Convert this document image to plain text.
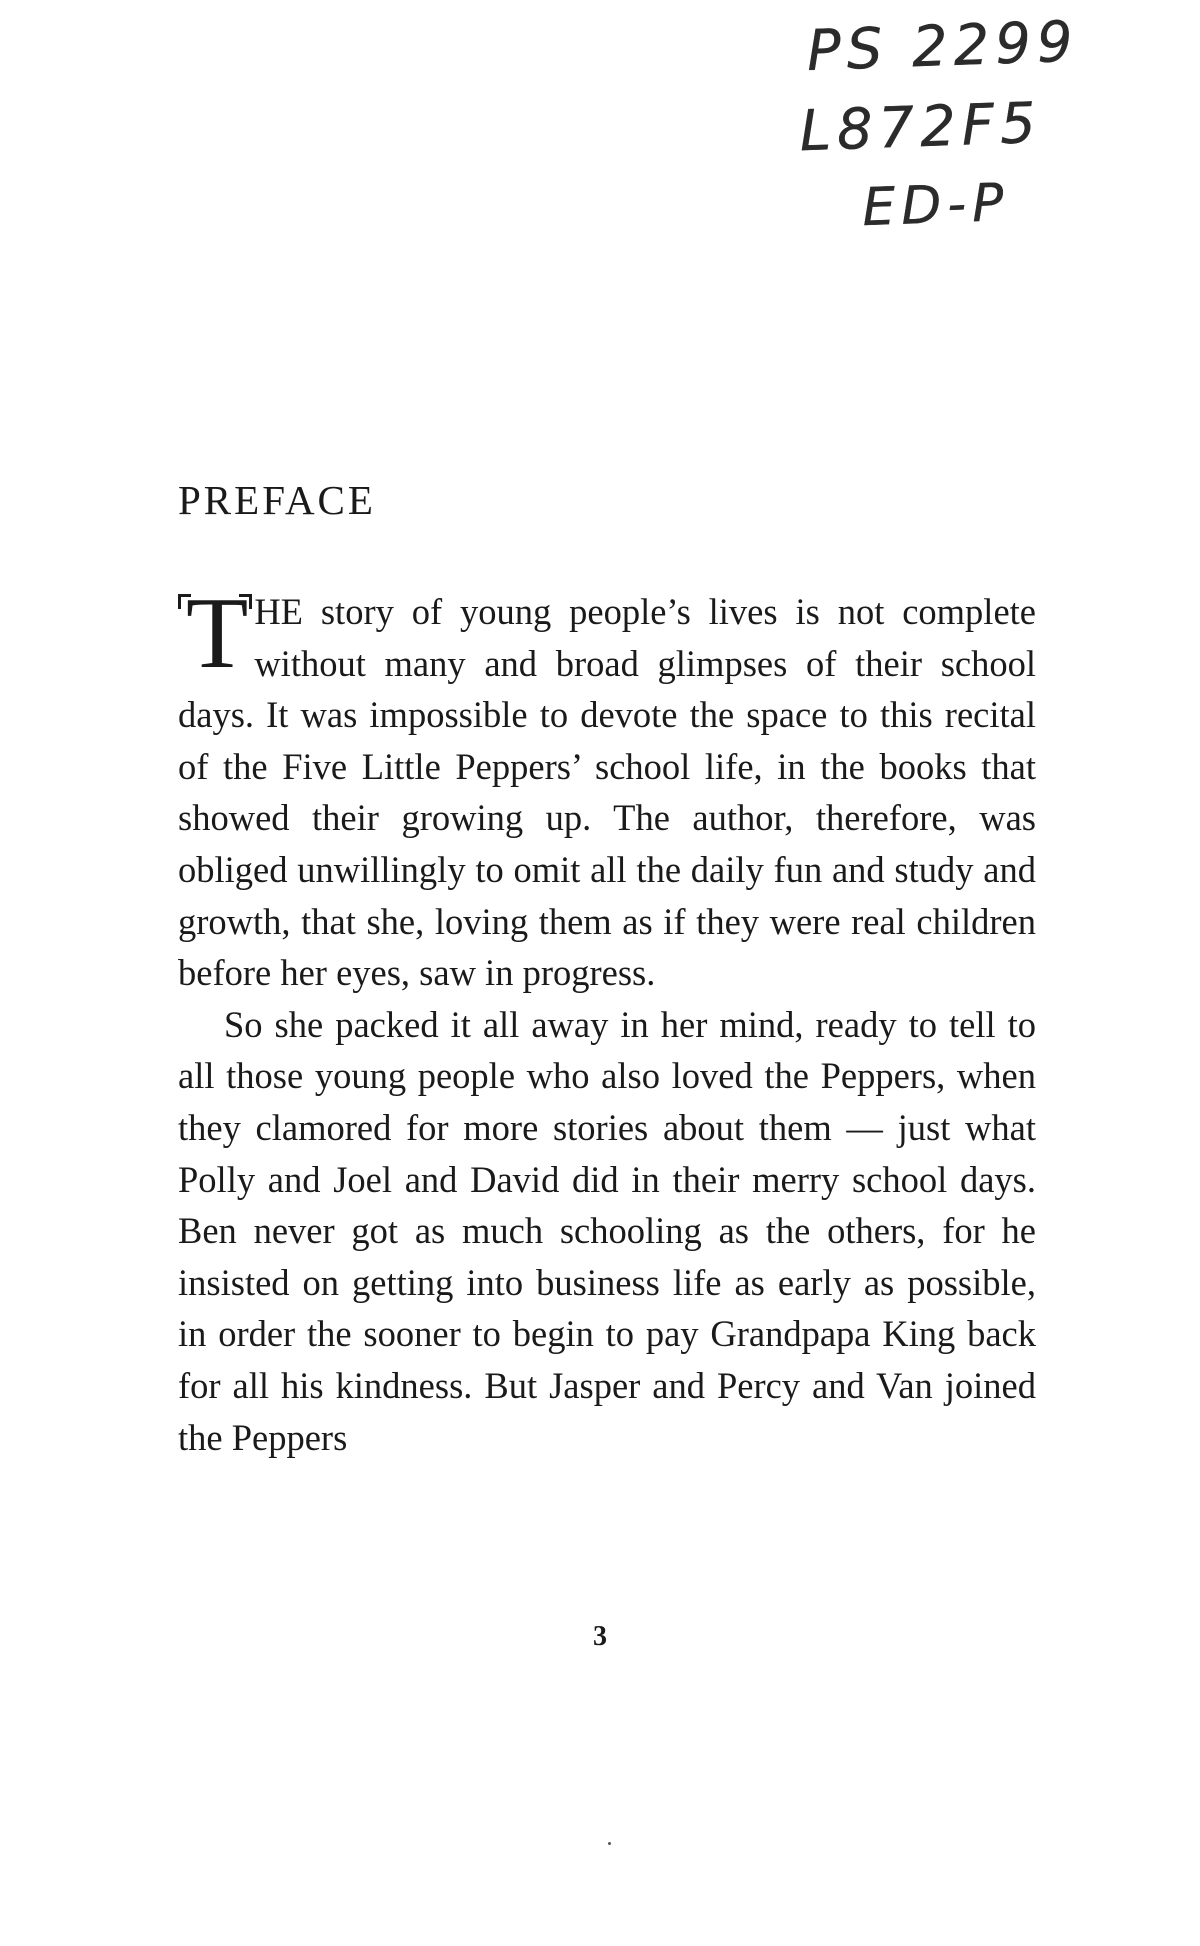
PS 2299
L872F5
ED-P
PREFACE

THE story of young people’s lives is not complete without many and broad glimpses of their school days. It was impossible to devote the space to this recital of the Five Little Peppers’ school life, in the books that showed their growing up. The author, therefore, was obliged unwillingly to omit all the daily fun and study and growth, that she, loving them as if they were real children before her eyes, saw in progress.

So she packed it all away in her mind, ready to tell to all those young people who also loved the Peppers, when they clamored for more stories about them — just what Polly and Joel and David did in their merry school days. Ben never got as much schooling as the others, for he insisted on getting into business life as early as possible, in order the sooner to begin to pay Grandpapa King back for all his kindness. But Jasper and Percy and Van joined the Peppers

3
